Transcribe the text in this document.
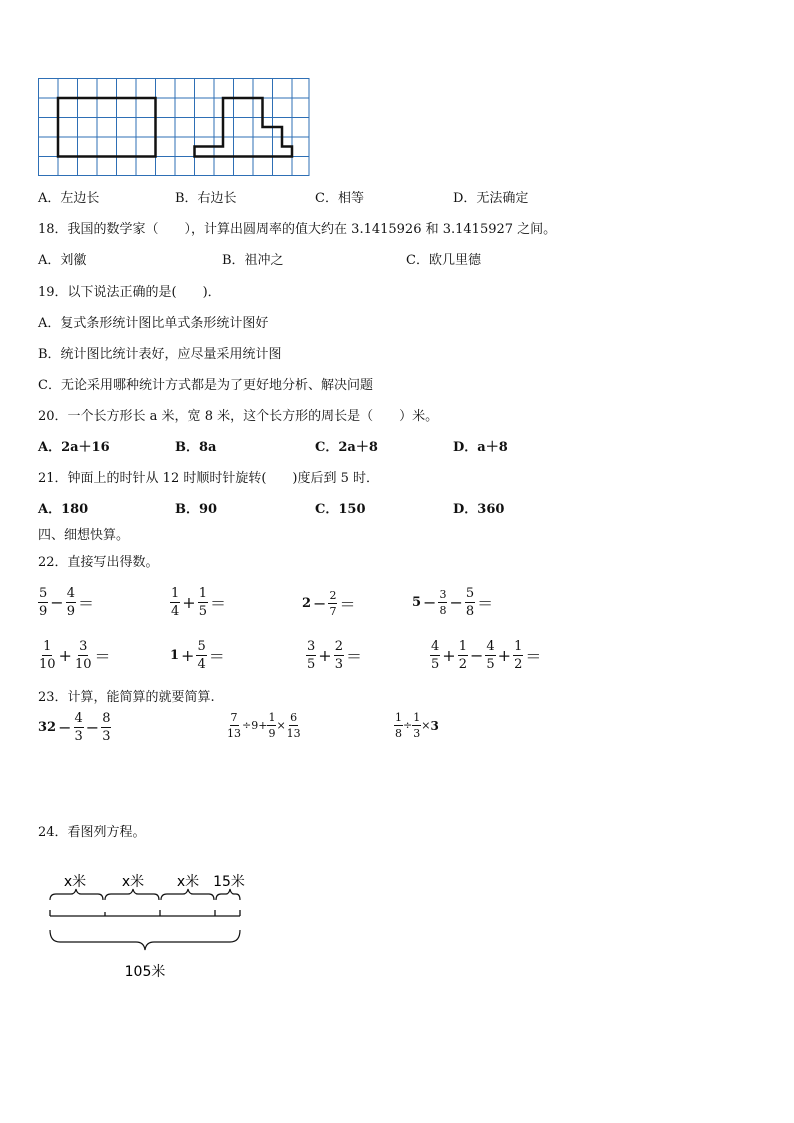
A．左边长	B．右边长	C．相等	D．无法确定
18．我国的数学家（　　），计算出圆周率的值大约在 3.1415926 和 3.1415927 之间。
A．刘徽	B．祖冲之	C．欧几里德
19．以下说法正确的是(　　)．
A．复式条形统计图比单式条形统计图好
B．统计图比统计表好，应尽量采用统计图
C．无论采用哪种统计方式都是为了更好地分析、解决问题
20．一个长方形长 a 米，宽 8 米，这个长方形的周长是（　　）米。
A．2a＋16	B．8a	C．2a＋8	D．a＋8
21．钟面上的时针从 12 时顺时针旋转(　　)度后到 5 时．
A．180	B．90	C．150	D．360
四、细想快算。
22．直接写出得数。
$\frac{5}{9} - \frac{4}{9}$ ＝	$\frac{1}{4} + \frac{1}{5}$ ＝	$2 - \frac{2}{7}$ ＝	$5 - \frac{3}{8} - \frac{5}{8}$ ＝
$\frac{1}{10} + \frac{3}{10}$ ＝	$1 + \frac{5}{4}$ ＝	$\frac{3}{5} + \frac{2}{3}$ ＝	$\frac{4}{5} + \frac{1}{2} - \frac{4}{5} + \frac{1}{2}$ ＝
23．计算，能简算的就要简算.
$32 - \frac{4}{3} - \frac{8}{3}$	$\frac{7}{13} \div 9 + \frac{1}{9} \times \frac{6}{13}$	$\frac{1}{8} \div \frac{1}{3} \times 3$
24．看图列方程。
x米	x米 x米 15米
105米
